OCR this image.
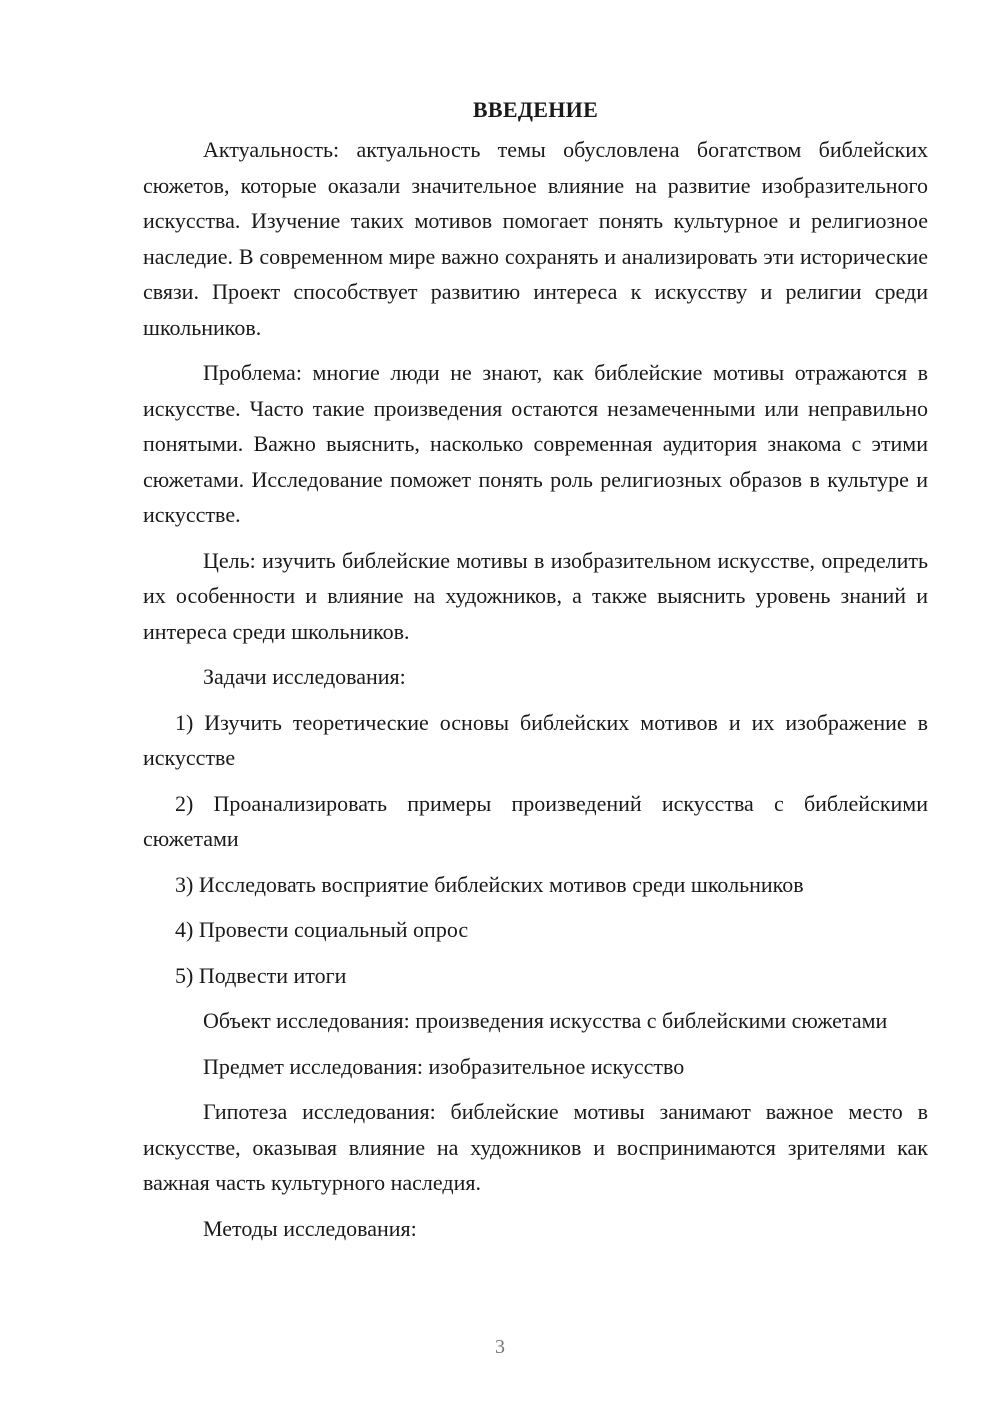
ВВЕДЕНИЕ

Актуальность: актуальность темы обусловлена богатством библейских сюжетов, которые оказали значительное влияние на развитие изобразительного искусства. Изучение таких мотивов помогает понять культурное и религиозное наследие. В современном мире важно сохранять и анализировать эти исторические связи. Проект способствует развитию интереса к искусству и религии среди школьников.

Проблема: многие люди не знают, как библейские мотивы отражаются в искусстве. Часто такие произведения остаются незамеченными или неправильно понятыми. Важно выяснить, насколько современная аудитория знакома с этими сюжетами. Исследование поможет понять роль религиозных образов в культуре и искусстве.

Цель: изучить библейские мотивы в изобразительном искусстве, определить их особенности и влияние на художников, а также выяснить уровень знаний и интереса среди школьников.

Задачи исследования:

1) Изучить теоретические основы библейских мотивов и их изображение в искусстве

2) Проанализировать примеры произведений искусства с библейскими сюжетами

3) Исследовать восприятие библейских мотивов среди школьников

4) Провести социальный опрос

5) Подвести итоги

Объект исследования: произведения искусства с библейскими сюжетами

Предмет исследования: изобразительное искусство

Гипотеза исследования: библейские мотивы занимают важное место в искусстве, оказывая влияние на художников и воспринимаются зрителями как важная часть культурного наследия.

Методы исследования:

3
